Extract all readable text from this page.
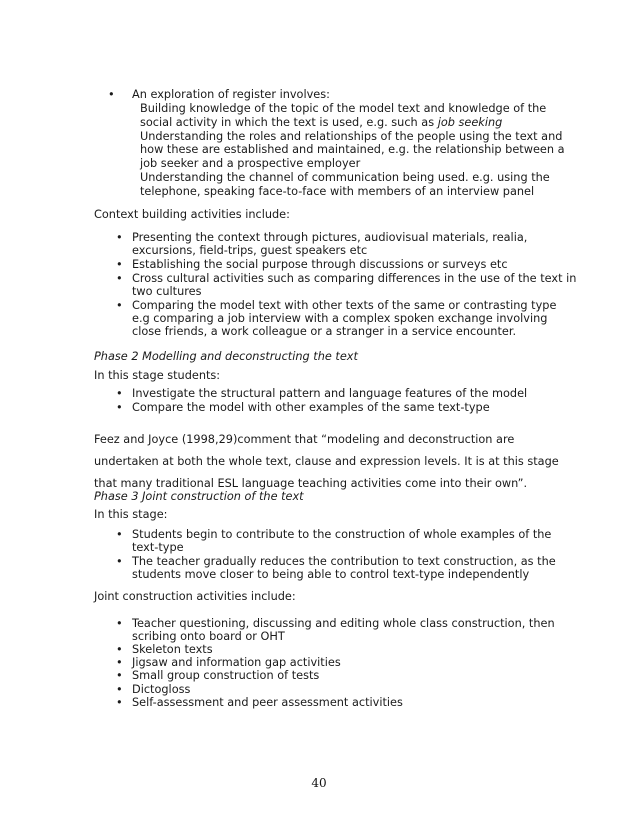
• An exploration of register involves:
Building knowledge of the topic of the model text and knowledge of the
social activity in which the text is used, e.g. such as job seeking
Understanding the roles and relationships of the people using the text and
how these are established and maintained, e.g. the relationship between a
job seeker and a prospective employer
Understanding the channel of communication being used. e.g. using the
telephone, speaking face-to-face with members of an interview panel
Context building activities include:
• Presenting the context through pictures, audiovisual materials, realia,
excursions, field-trips, guest speakers etc
• Establishing the social purpose through discussions or surveys etc
• Cross cultural activities such as comparing differences in the use of the text in
two cultures
• Comparing the model text with other texts of the same or contrasting type
e.g comparing a job interview with a complex spoken exchange involving
close friends, a work colleague or a stranger in a service encounter.
Phase 2 Modelling and deconstructing the text
In this stage students:
• Investigate the structural pattern and language features of the model
• Compare the model with other examples of the same text-type
Feez and Joyce (1998,29)comment that “modeling and deconstruction are
undertaken at both the whole text, clause and expression levels. It is at this stage
that many traditional ESL language teaching activities come into their own”.
Phase 3 Joint construction of the text
In this stage:
• Students begin to contribute to the construction of whole examples of the
text-type
• The teacher gradually reduces the contribution to text construction, as the
students move closer to being able to control text-type independently
Joint construction activities include:
• Teacher questioning, discussing and editing whole class construction, then
scribing onto board or OHT
• Skeleton texts
• Jigsaw and information gap activities
• Small group construction of tests
• Dictogloss
• Self-assessment and peer assessment activities
40
